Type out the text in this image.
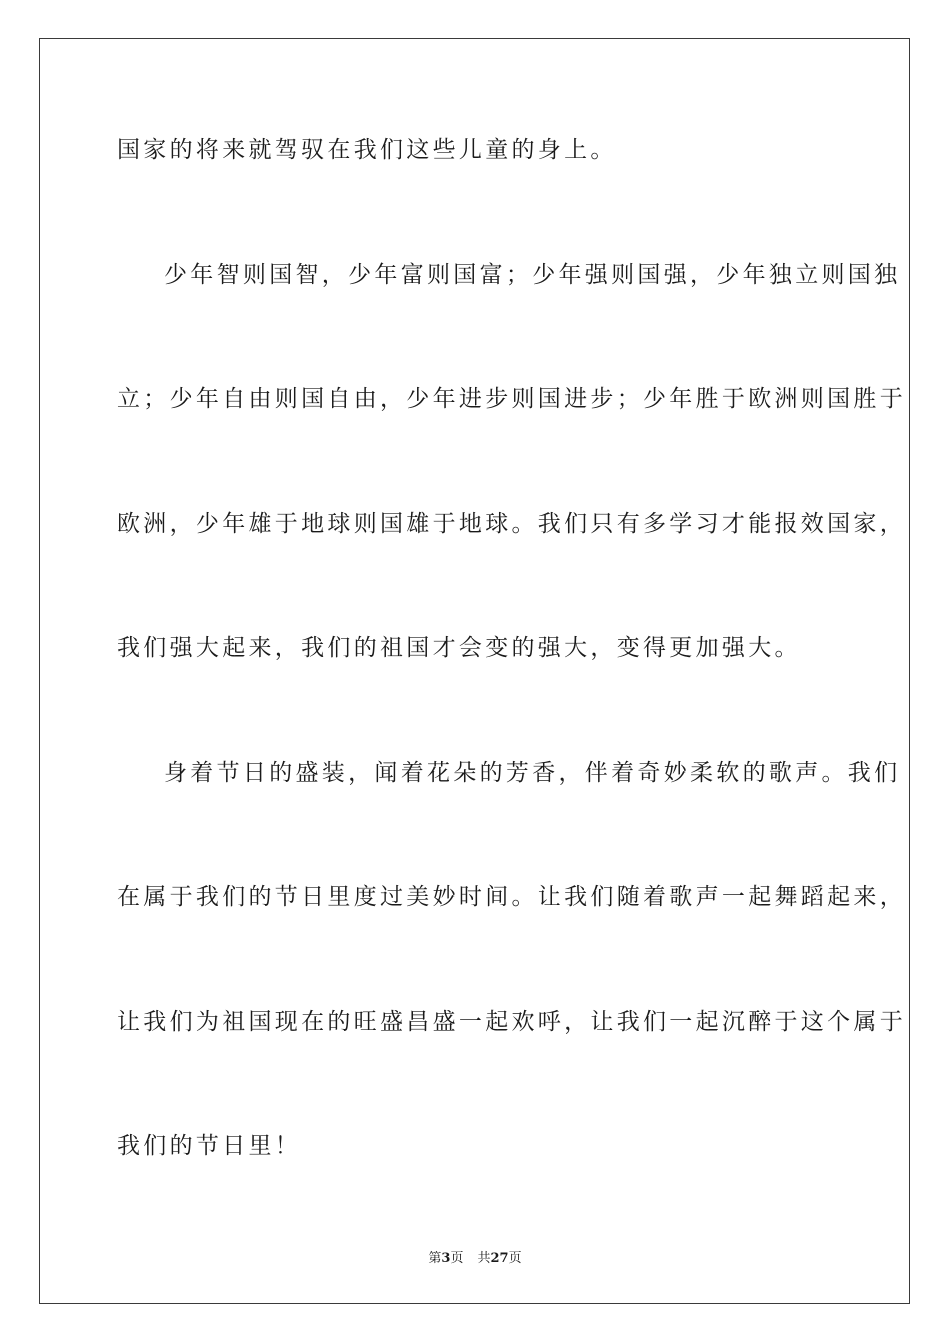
国家的将来就驾驭在我们这些儿童的身上。

少年智则国智，少年富则国富；少年强则国强，少年独立则国独

立；少年自由则国自由，少年进步则国进步；少年胜于欧洲则国胜于

欧洲，少年雄于地球则国雄于地球。我们只有多学习才能报效国家，

我们强大起来，我们的祖国才会变的强大，变得更加强大。

身着节日的盛装，闻着花朵的芳香，伴着奇妙柔软的歌声。我们

在属于我们的节日里度过美妙时间。让我们随着歌声一起舞蹈起来，

让我们为祖国现在的旺盛昌盛一起欢呼，让我们一起沉醉于这个属于

我们的节日里！

第3页 共27页
